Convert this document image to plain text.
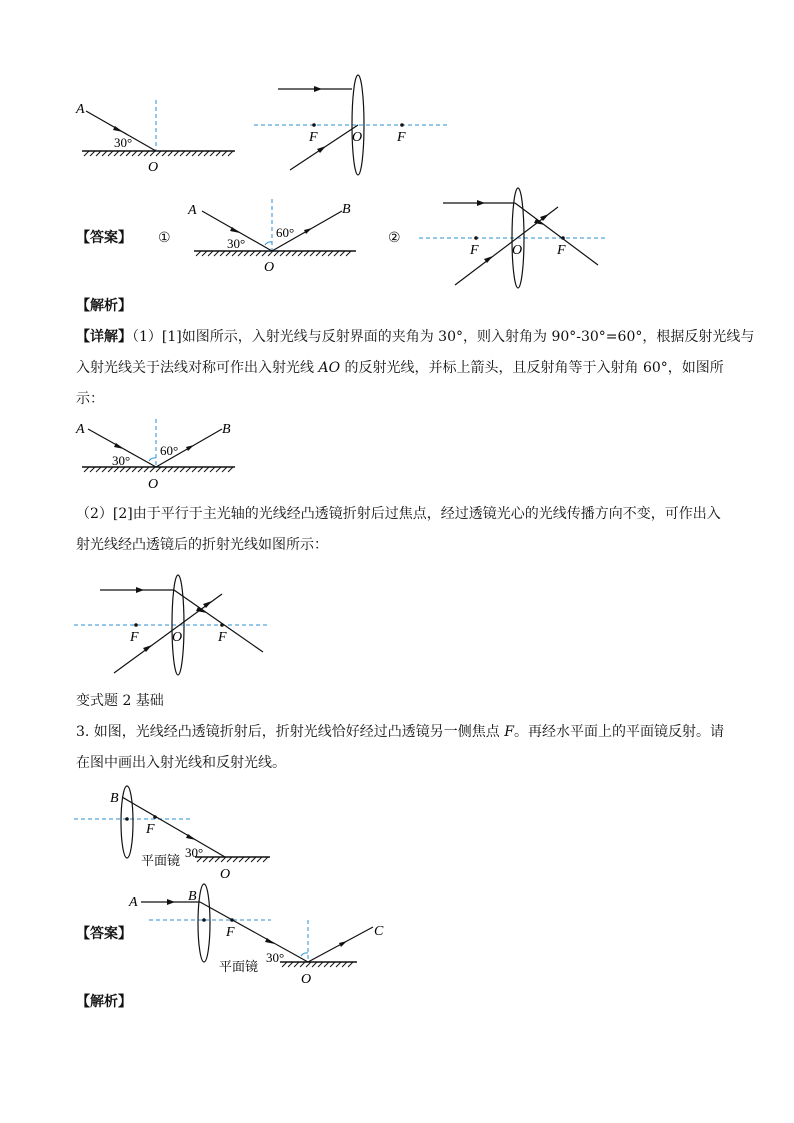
A
30°
O
F O F
【答案】 ①
A	B
30°
60°
O
②
F O F
【解析】
【详解】（1）[1]如图所示，入射光线与反射界面的夹角为 30°，则入射角为 90°-30°=60°，根据反射光线与
入射光线关于法线对称可作出入射光线 AO 的反射光线，并标上箭头，且反射角等于入射角 60°，如图所
示：
A	B
30°
60°
O
（2）[2]由于平行于主光轴的光线经凸透镜折射后过焦点，经过透镜光心的光线传播方向不变，可作出入
射光线经凸透镜后的折射光线如图所示：
F O	F
变式题 2 基础
3. 如图，光线经凸透镜折射后，折射光线恰好经过凸透镜另一侧焦点 F。再经水平面上的平面镜反射。请
在图中画出入射光线和反射光线。
B
F
30°
平面镜
O
【答案】
A	B
F	C
30°
平面镜
O
【解析】
